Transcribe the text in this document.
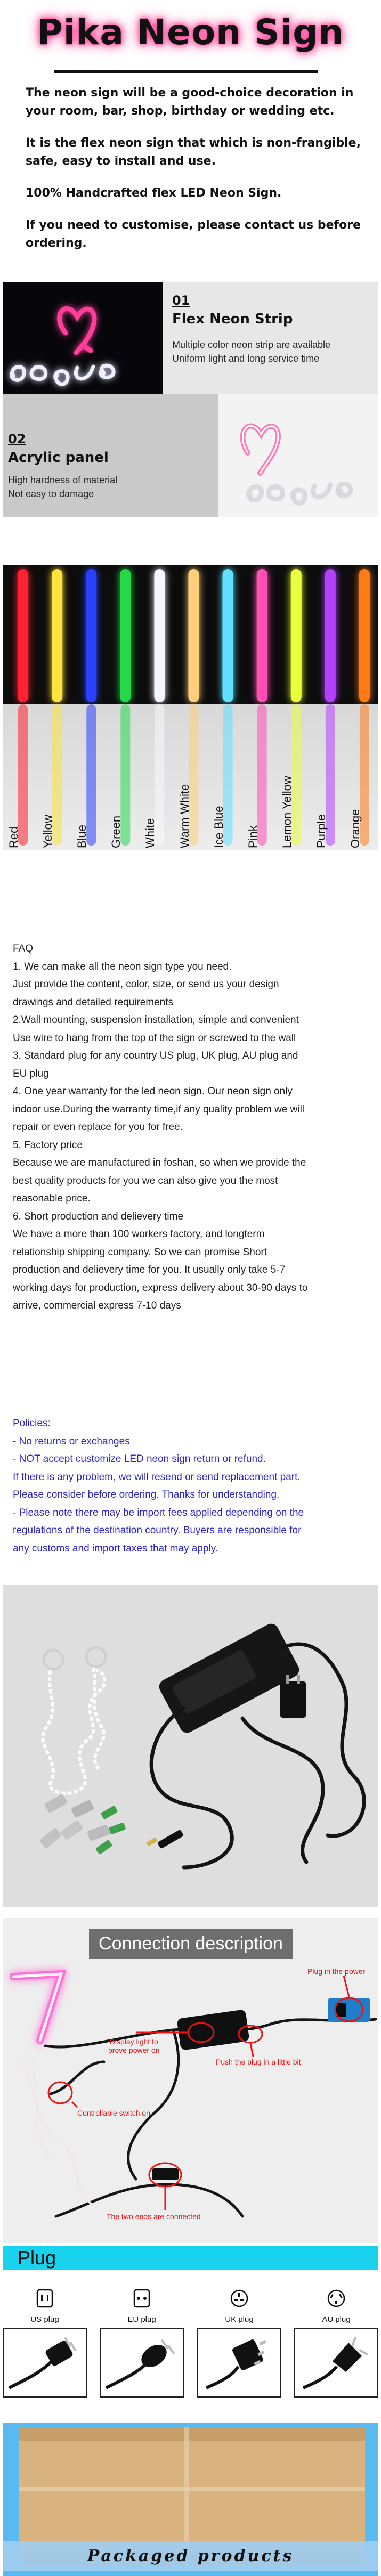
Pika Neon Sign

The neon sign will be a good-choice decoration in your room, bar, shop, birthday or wedding etc.

It is the flex neon sign that which is non-frangible, safe, easy to install and use.

100% Handcrafted flex LED Neon Sign.

If you need to customise, please contact us before ordering.

01
Flex Neon Strip
Multiple color neon strip are available
Uniform light and long service time
02
Acrylic panel
High hardness of material
Not easy to damage
Red Yellow Blue Green White Warm White Ice Blue Pink Lemon Yellow Purple Orange
FAQ
1. We can make all the neon sign type you need.
Just provide the content, color, size, or send us your design
drawings and detailed requirements
2.Wall mounting, suspension installation, simple and convenient
Use wire to hang from the top of the sign or screwed to the wall
3. Standard plug for any country US plug, UK plug, AU plug and
EU plug
4. One year warranty for the led neon sign. Our neon sign only
indoor use.During the warranty time,if any quality problem we will
repair or even replace for you for free.
5. Factory price
Because we are manufactured in foshan, so when we provide the
best quality products for you we can also give you the most
reasonable price.
6. Short production and delievery time
We have a more than 100 workers factory, and longterm
relationship shipping company. So we can promise Short
production and delievery time for you. It usually only take 5-7
working days for production, express delivery about 30-90 days to
arrive, commercial express 7-10 days
Policies:
- No returns or exchanges
- NOT accept customize LED neon sign return or refund.
If there is any problem, we will resend or send replacement part.
Please consider before ordering. Thanks for understanding.
- Please note there may be import fees applied depending on the
regulations of the destination country. Buyers are responsible for
any customs and import taxes that may apply.
Connection description
Plug in the power
Display light to
prove power on
Push the plug in a little bit
Controllable switch on
The two ends are connected
Plug
US plug	EU plug	UK plug	AU plug
Packaged products
